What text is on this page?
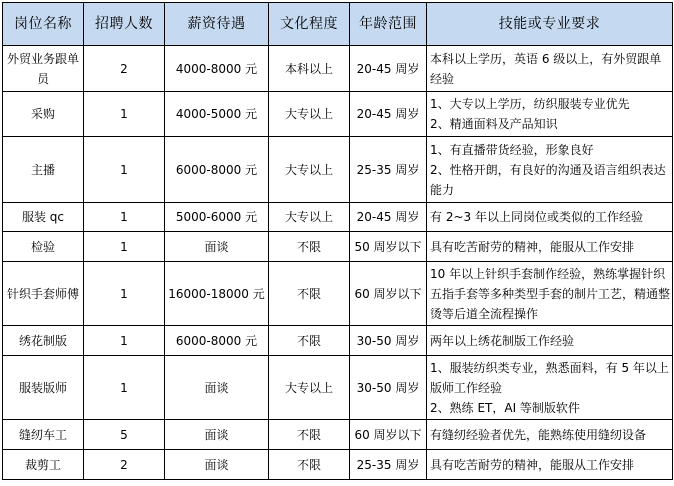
岗位名称	招聘人数	薪资待遇	文化程度	年龄范围	技能或专业要求
外贸业务跟单员	2	4000-8000 元	本科以上	20-45 周岁	本科以上学历，英语 6 级以上，有外贸跟单经验

采购	1	4000-5000 元	大专以上	20-45 周岁	1、大专以上学历，纺织服装专业优先
2、精通面料及产品知识

主播	1	6000-8000 元	大专以上	25-35 周岁	1、有直播带货经验，形象良好
2、性格开朗，有良好的沟通及语言组织表达能力

服装 qc	1	5000-6000 元	大专以上	20-45 周岁	有 2~3 年以上同岗位或类似的工作经验

检验	1	面谈	不限	50 周岁以下	具有吃苦耐劳的精神，能服从工作安排

针织手套师傅	1	16000-18000 元	不限	60 周岁以下	10 年以上针织手套制作经验，熟练掌握针织五指手套等多种类型手套的制片工艺，精通整烫等后道全流程操作

绣花制版	1	6000-8000 元	不限	30-50 周岁	两年以上绣花制版工作经验

服装版师	1	面谈	大专以上	30-50 周岁	1、服装纺织类专业，熟悉面料，有 5 年以上版师工作经验
2、熟练 ET，AI 等制版软件

缝纫车工	5	面谈	不限	60 周岁以下	有缝纫经验者优先，能熟练使用缝纫设备

裁剪工	2	面谈	不限	25-35 周岁	具有吃苦耐劳的精神，能服从工作安排
